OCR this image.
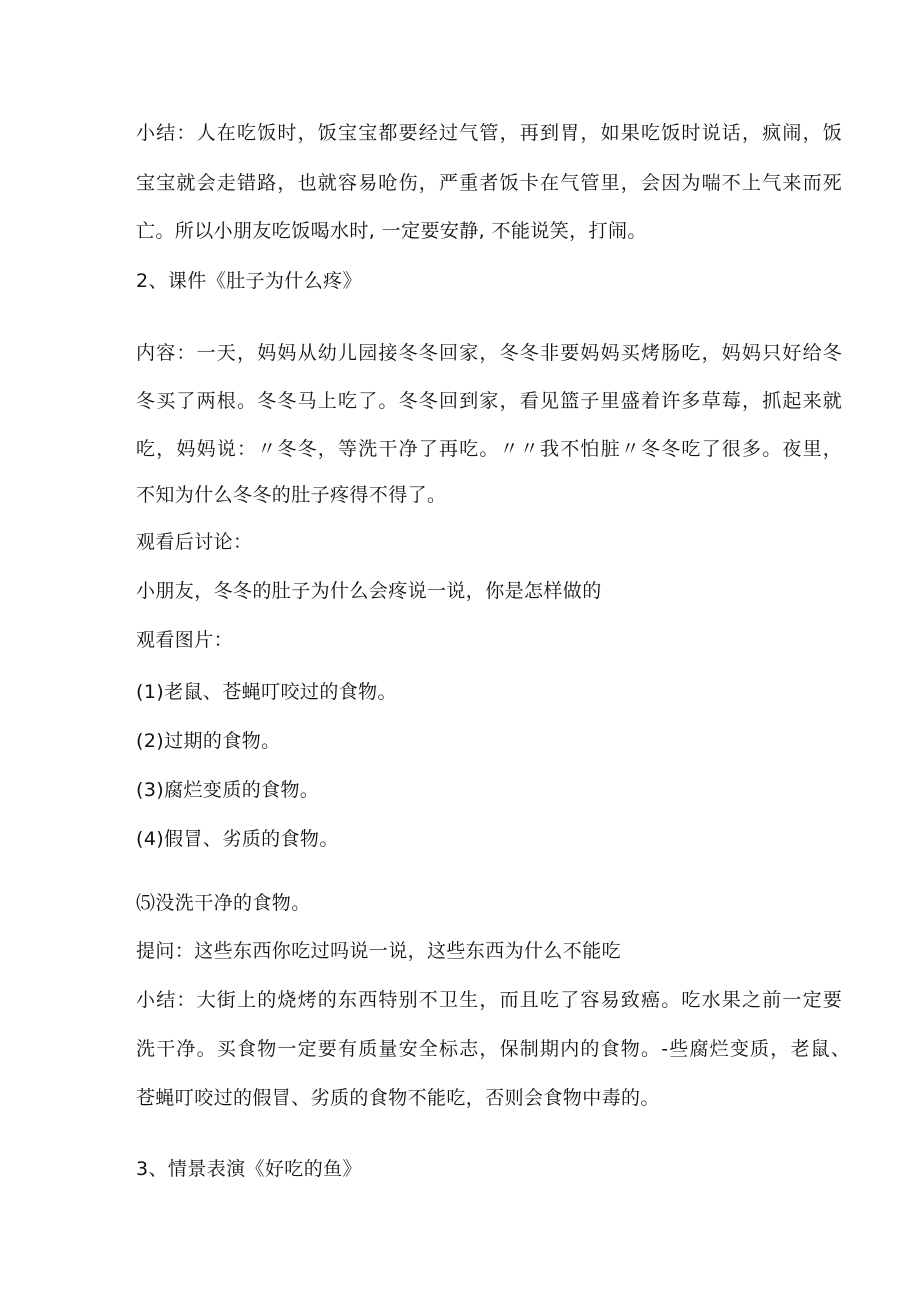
小结：人在吃饭时，饭宝宝都要经过气管，再到胃，如果吃饭时说话，疯闹，饭
宝宝就会走错路，也就容易呛伤，严重者饭卡在气管里，会因为喘不上气来而死
亡。所以小朋友吃饭喝水时, 一定要安静, 不能说笑，打闹。
2、课件《肚子为什么疼》
内容：一天，妈妈从幼儿园接冬冬回家，冬冬非要妈妈买烤肠吃，妈妈只好给冬
冬买了两根。冬冬马上吃了。冬冬回到家，看见篮子里盛着许多草莓，抓起来就
吃，妈妈说：〃冬冬，等洗干净了再吃。〃〃我不怕脏〃冬冬吃了很多。夜里，
不知为什么冬冬的肚子疼得不得了。
观看后讨论：
小朋友，冬冬的肚子为什么会疼说一说，你是怎样做的
观看图片：
(1)老鼠、苍蝇叮咬过的食物。
(2)过期的食物。
(3)腐烂变质的食物。
(4)假冒、劣质的食物。
⑸没洗干净的食物。
提问：这些东西你吃过吗说一说，这些东西为什么不能吃
小结：大街上的烧烤的东西特别不卫生，而且吃了容易致癌。吃水果之前一定要
洗干净。买食物一定要有质量安全标志，保制期内的食物。-些腐烂变质，老鼠、
苍蝇叮咬过的假冒、劣质的食物不能吃，否则会食物中毒的。
3、情景表演《好吃的鱼》
